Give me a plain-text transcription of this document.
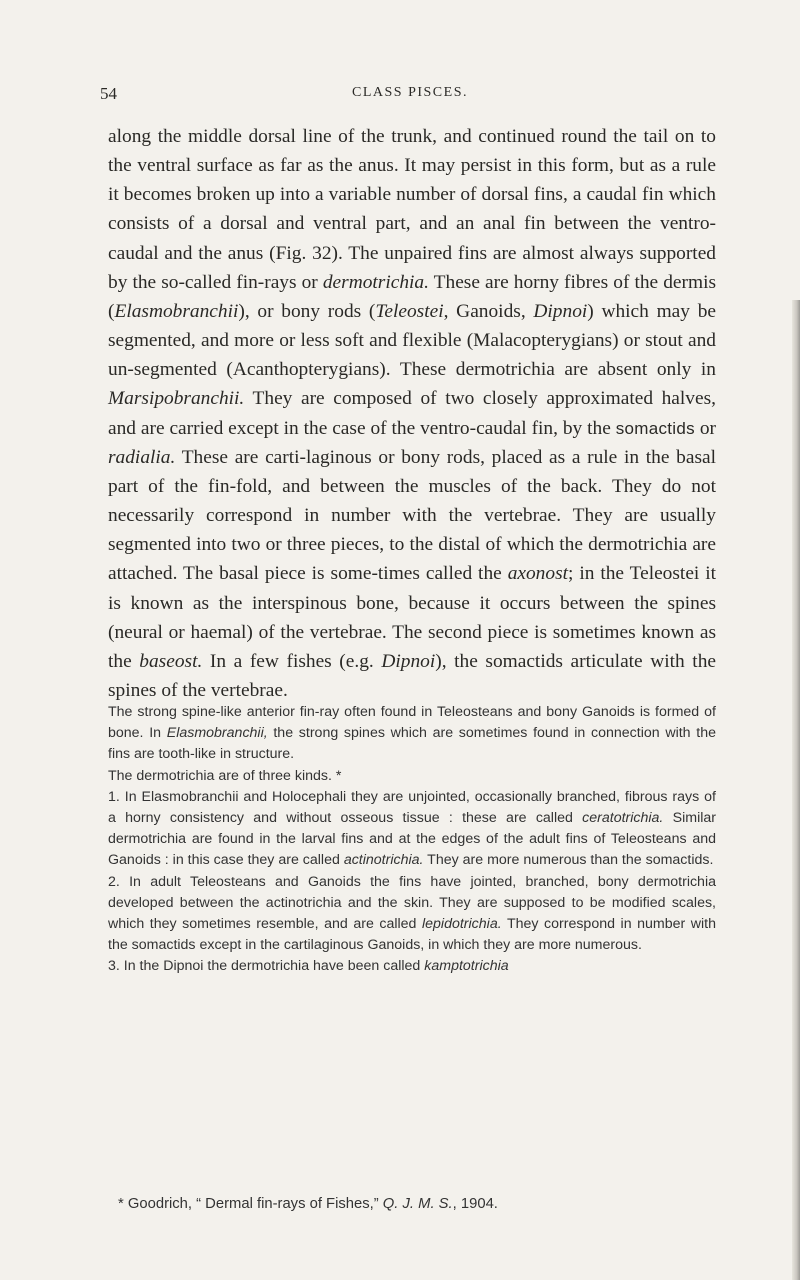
54	CLASS PISCES.

along the middle dorsal line of the trunk, and continued round the tail on to the ventral surface as far as the anus. It may persist in this form, but as a rule it becomes broken up into a variable number of dorsal fins, a caudal fin which consists of a dorsal and ventral part, and an anal fin between the ventro-caudal and the anus (Fig. 32). The unpaired fins are almost always supported by the so-called fin-rays or dermotrichia. These are horny fibres of the dermis (Elasmobranchii), or bony rods (Teleostei, Ganoids, Dipnoi) which may be segmented, and more or less soft and flexible (Malacopterygians) or stout and un-segmented (Acanthopterygians). These dermotrichia are absent only in Marsipobranchii. They are composed of two closely approximated halves, and are carried except in the case of the ventro-caudal fin, by the somactids or radialia. These are carti-laginous or bony rods, placed as a rule in the basal part of the fin-fold, and between the muscles of the back. They do not necessarily correspond in number with the vertebrae. They are usually segmented into two or three pieces, to the distal of which the dermotrichia are attached. The basal piece is some-times called the axonost; in the Teleostei it is known as the interspinous bone, because it occurs between the spines (neural or haemal) of the vertebrae. The second piece is sometimes known as the baseost. In a few fishes (e.g. Dipnoi), the somactids articulate with the spines of the vertebrae.

The strong spine-like anterior fin-ray often found in Teleosteans and bony Ganoids is formed of bone. In Elasmobranchii, the strong spines which are sometimes found in connection with the fins are tooth-like in structure.

The dermotrichia are of three kinds. *

1. In Elasmobranchii and Holocephali they are unjointed, occasionally branched, fibrous rays of a horny consistency and without osseous tissue : these are called ceratotrichia. Similar dermotrichia are found in the larval fins and at the edges of the adult fins of Teleosteans and Ganoids : in this case they are called actinotrichia. They are more numerous than the somactids.

2. In adult Teleosteans and Ganoids the fins have jointed, branched, bony dermotrichia developed between the actinotrichia and the skin. They are supposed to be modified scales, which they sometimes resemble, and are called lepidotrichia. They correspond in number with the somactids except in the cartilaginous Ganoids, in which they are more numerous.

3. In the Dipnoi the dermotrichia have been called kamptotrichia

* Goodrich, “ Dermal fin-rays of Fishes,” Q. J. M. S., 1904.
